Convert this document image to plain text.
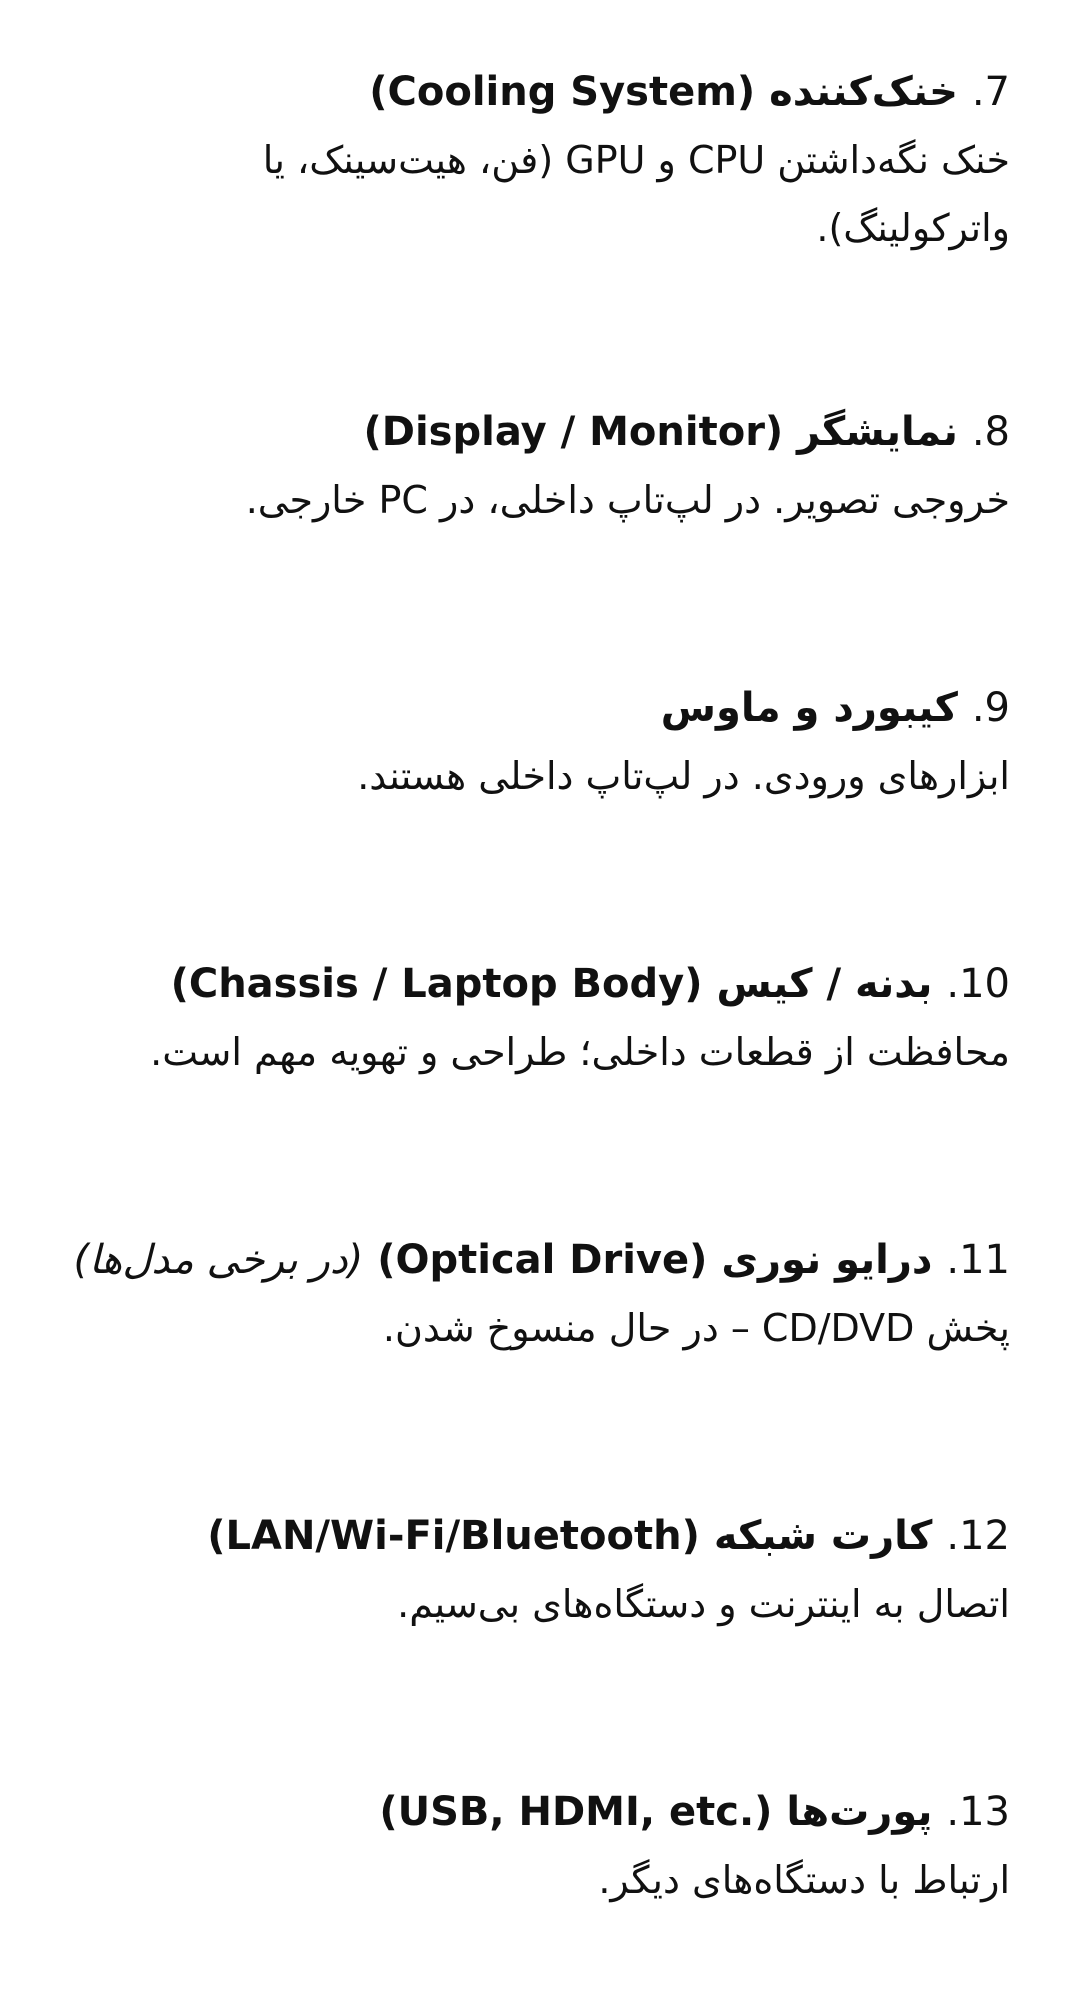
7. خنک‌کننده (Cooling System)

خنک نگه‌داشتن CPU و GPU (فن، هیت‌سینک، یا واترکولینگ).

8. نمایشگر (Display / Monitor)

خروجی تصویر. در لپ‌تاپ داخلی، در PC خارجی.

9. کیبورد و ماوس

ابزارهای ورودی. در لپ‌تاپ داخلی هستند.

10. بدنه / کیس (Chassis / Laptop Body)

محافظت از قطعات داخلی؛ طراحی و تهویه مهم است.

11. درایو نوری (Optical Drive) (در برخی مدل‌ها)

پخش CD/DVD – در حال منسوخ شدن.

12. کارت شبکه (LAN/Wi-Fi/Bluetooth)

اتصال به اینترنت و دستگاه‌های بی‌سیم.

13. پورت‌ها (USB, HDMI, etc.)

ارتباط با دستگاه‌های دیگر.
